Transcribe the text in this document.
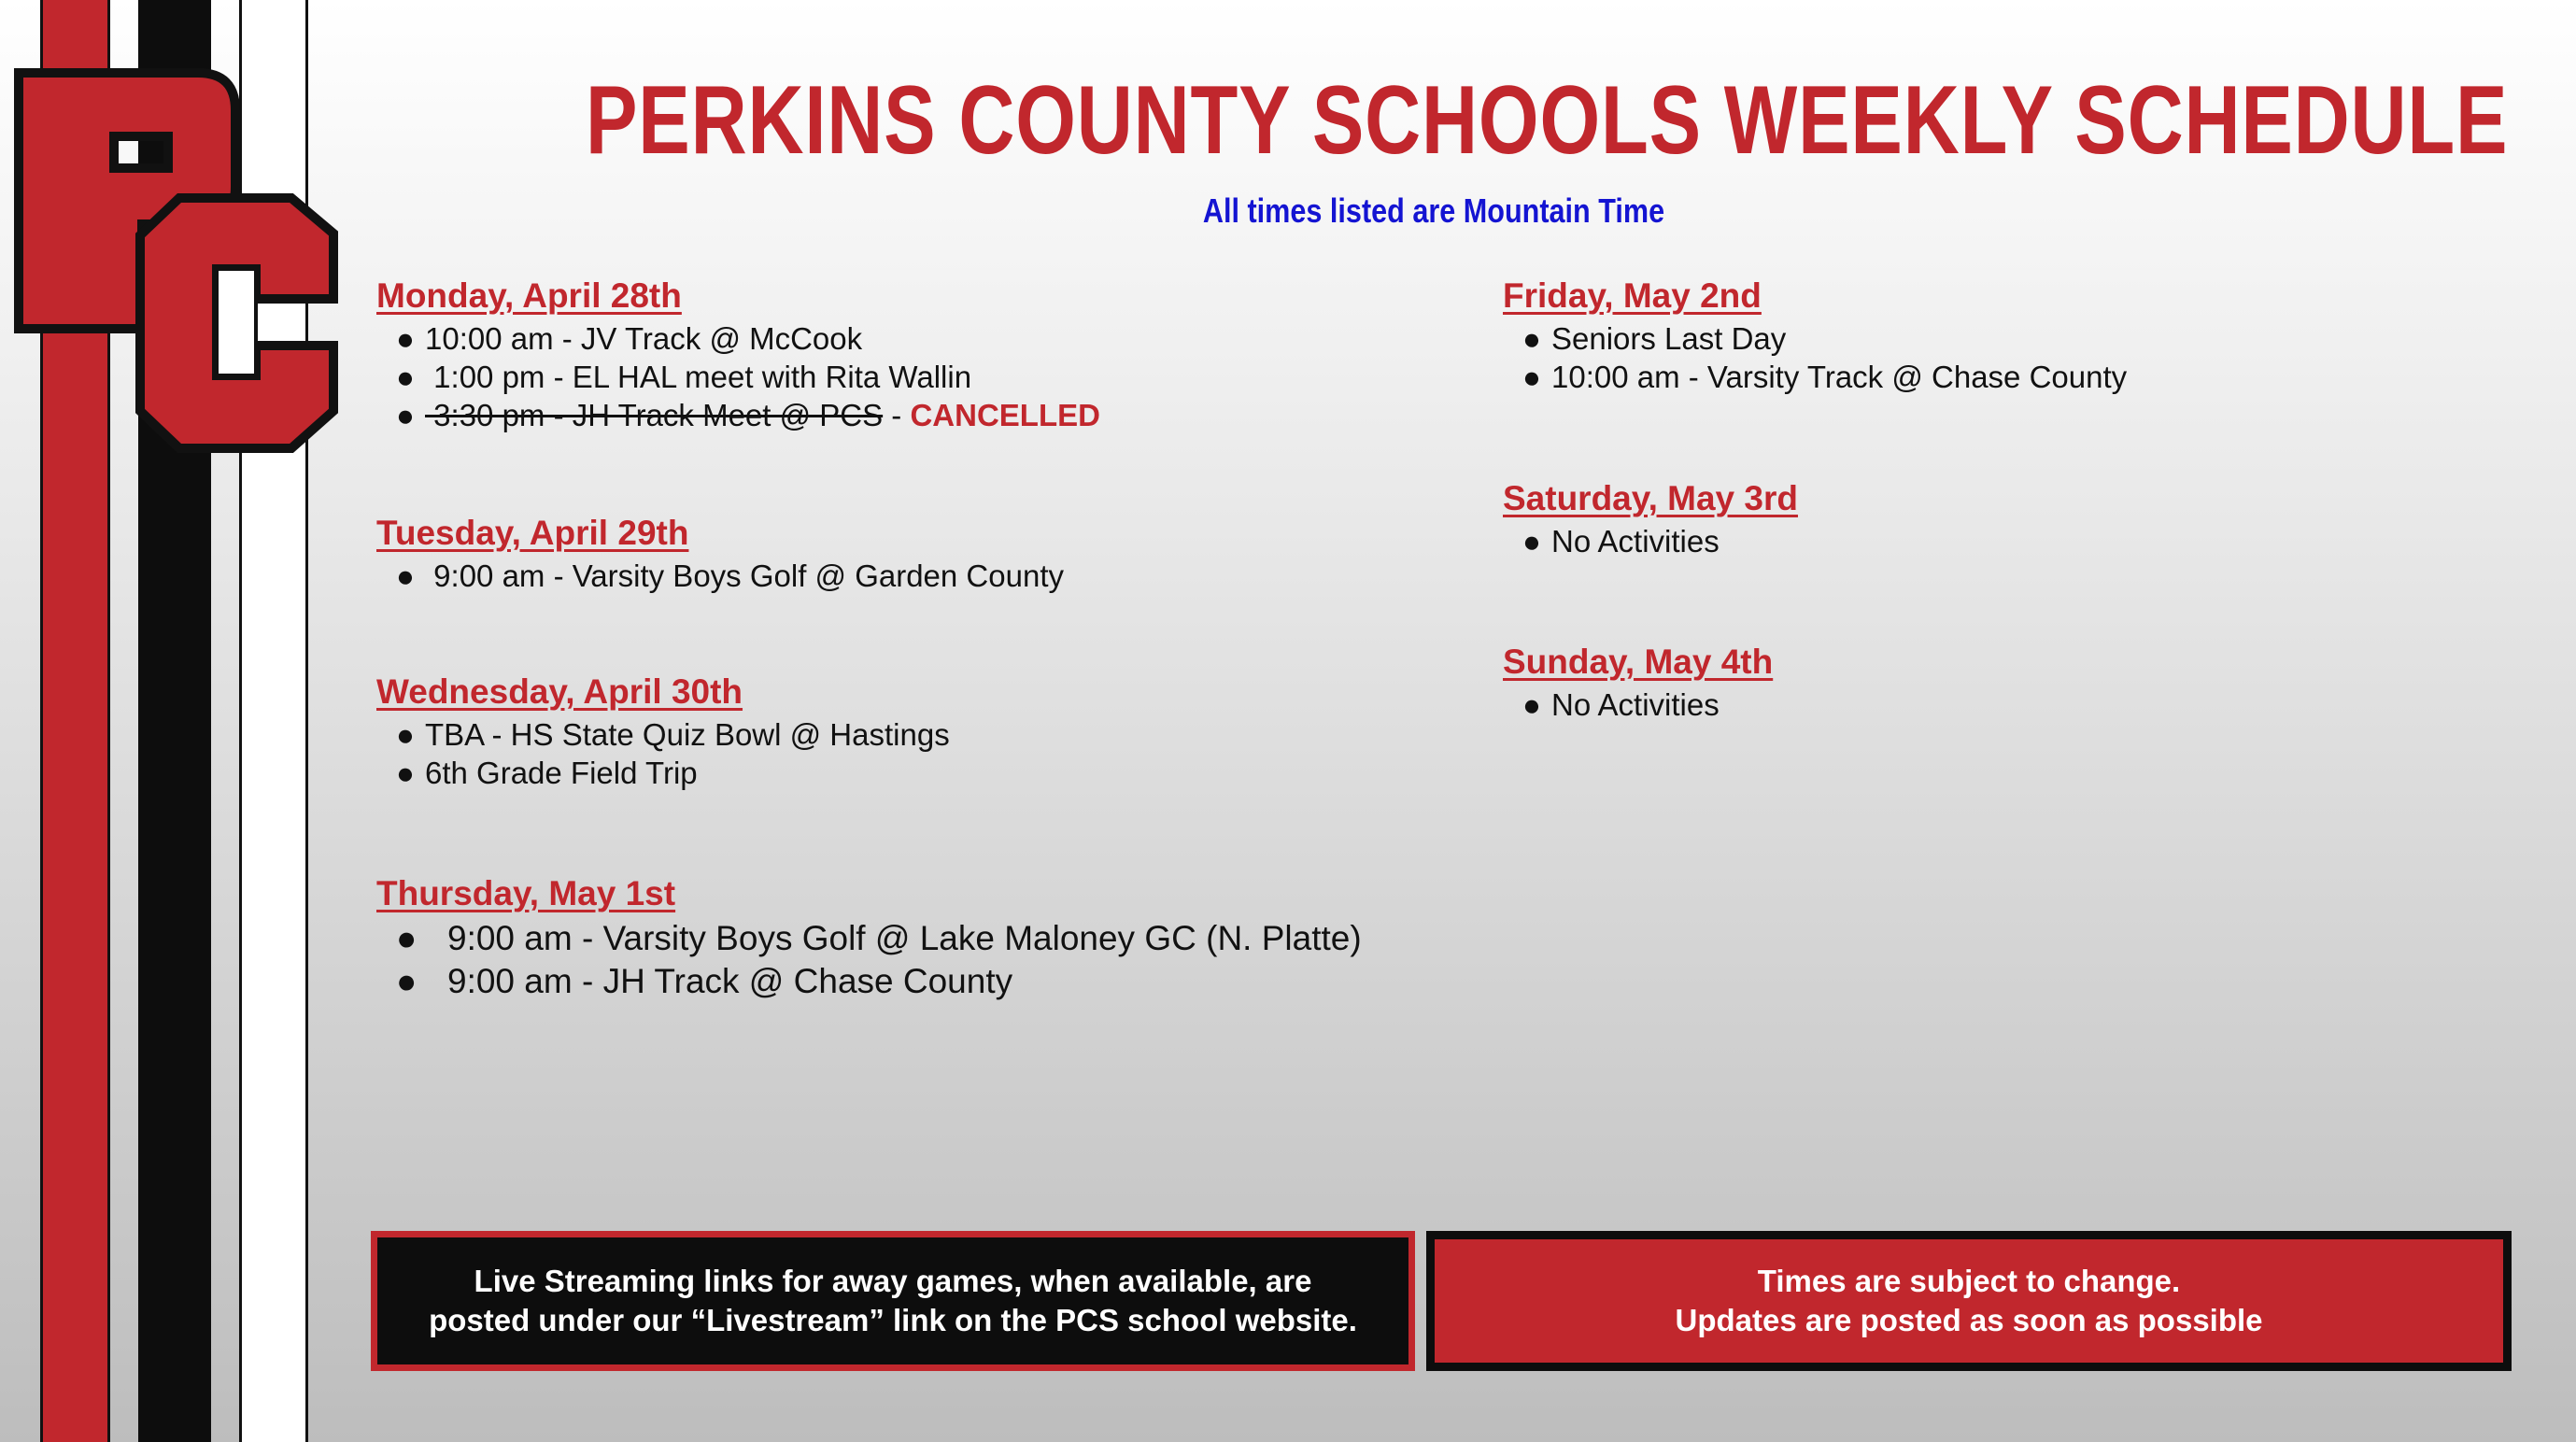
PERKINS COUNTY SCHOOLS WEEKLY SCHEDULE
All times listed are Mountain Time
Monday, April 28th
● 10:00 am - JV Track @ McCook
● 1:00 pm - EL HAL meet with Rita Wallin
● 3:30 pm - JH Track Meet @ PCS - CANCELLED
Tuesday, April 29th
● 9:00 am - Varsity Boys Golf @ Garden County
Wednesday, April 30th
● TBA - HS State Quiz Bowl @ Hastings
● 6th Grade Field Trip
Thursday, May 1st
● 9:00 am - Varsity Boys Golf @ Lake Maloney GC (N. Platte)
● 9:00 am - JH Track @ Chase County
Friday, May 2nd
● Seniors Last Day
● 10:00 am - Varsity Track @ Chase County
Saturday, May 3rd
● No Activities
Sunday, May 4th
● No Activities
Live Streaming links for away games, when available, are
posted under our “Livestream” link on the PCS school website.
Times are subject to change.
Updates are posted as soon as possible
